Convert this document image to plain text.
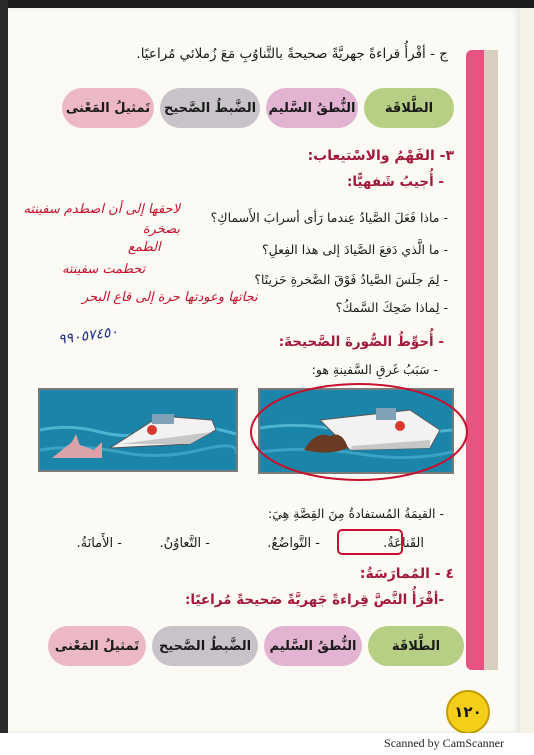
ج - أقْرأُ قراءةً جهريَّةً صحيحةً بالتَّناوُبِ مَعَ زُملائي مُراعيًا.
الطَّلاقَة
النُّطقُ السَّليم
الضَّبطُ الصَّحيح
تَمثيلُ المَعْنى
٣- الفَهْمُ والاسْتيعاب:
- أُجيبُ شَفهيًّا:
- ماذا فَعَلَ الصَّيادُ عِندما رَأى أسرابَ الأَسماكِ؟
لاحقها إلى أن اصطدم سفينته بصخرة
- ما الَّذي دَفعَ الصَّيادَ إلى هذا الفِعلِ؟
الطمع
- لِمَ جلَسَ الصَّيادُ فَوْقَ الصَّخرةِ حَزينًا؟
تحطمت سفينته
- لِماذا ضَحِكَ السَّمكُ؟
نجاتها وعودتها حرة إلى قاع البحر
- أُحوِّطُ الصُّورةَ الصَّحيحةَ:
٩٩٠٥٧٤٥٠
- سَبَبُ غَرقِ السَّفينةِ هو:
- القيمَةُ المُستفادةُ مِنَ القِصَّةِ هِيَ:
القَناعَةُ.
- التَّواضُعُ.
- التَّعاوُنُ.
- الأَمانَةُ.
٤ - المُمارَسَةُ:
-أقْرَأُ النَّصَّ قِراءةً جَهريَّةً صَحيحةً مُراعيًا:
الطَّلاقَة
النُّطقُ السَّليم
الضَّبطُ الصَّحيح
تَمثيلُ المَعْنى
١٢٠
Scanned by CamScanner
